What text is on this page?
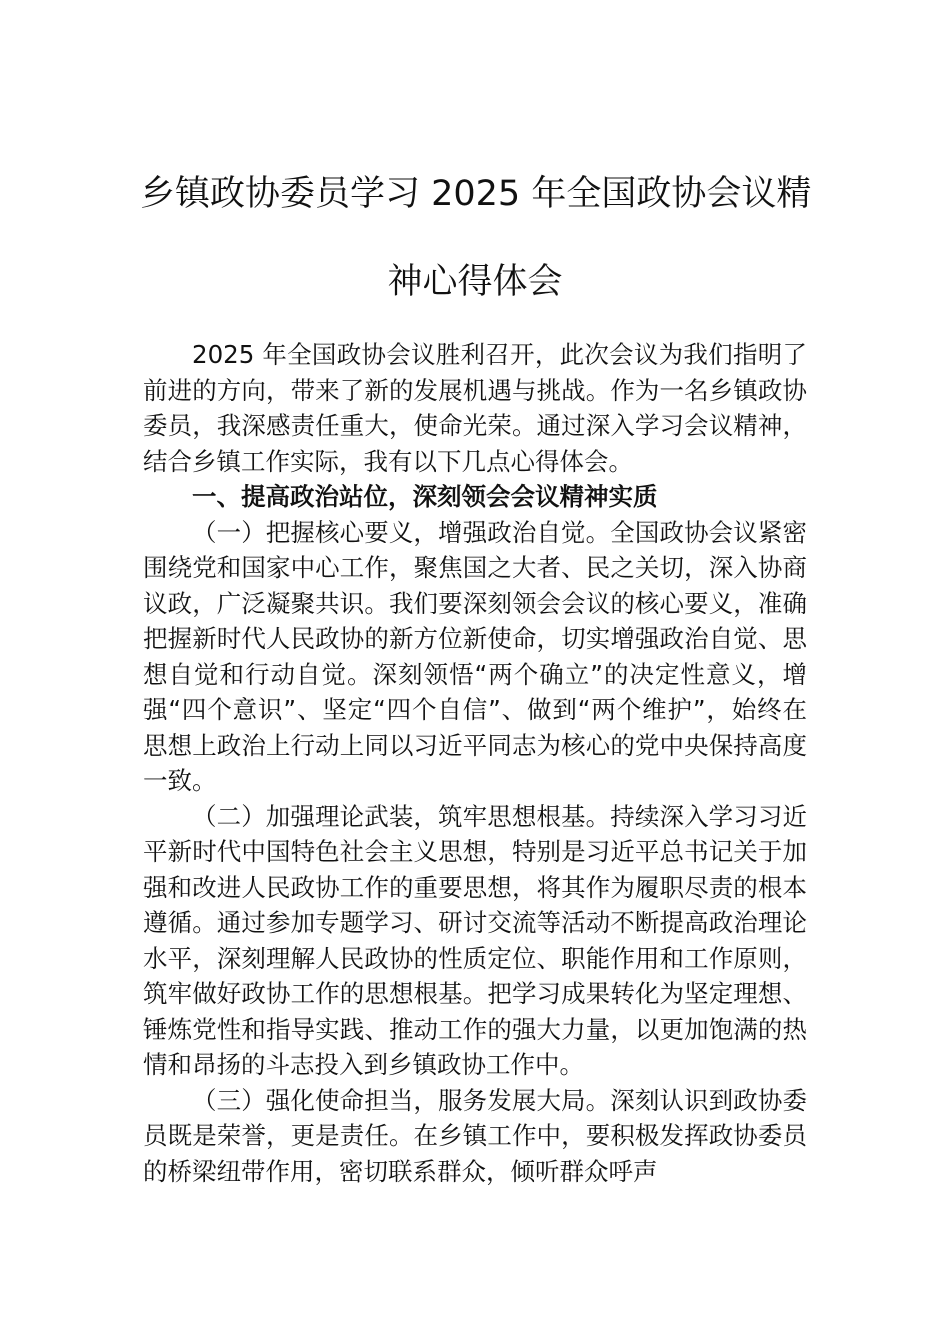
乡镇政协委员学习 2025 年全国政协会议精
神心得体会

2025 年全国政协会议胜利召开，此次会议为我们指明了前进的方向，带来了新的发展机遇与挑战。作为一名乡镇政协委员，我深感责任重大，使命光荣。通过深入学习会议精神，结合乡镇工作实际，我有以下几点心得体会。

一、提高政治站位，深刻领会会议精神实质

（一）把握核心要义，增强政治自觉。全国政协会议紧密围绕党和国家中心工作，聚焦国之大者、民之关切，深入协商议政，广泛凝聚共识。我们要深刻领会会议的核心要义，准确把握新时代人民政协的新方位新使命，切实增强政治自觉、思想自觉和行动自觉。深刻领悟“两个确立”的决定性意义，增强“四个意识”、坚定“四个自信”、做到“两个维护”，始终在思想上政治上行动上同以习近平同志为核心的党中央保持高度一致。

（二）加强理论武装，筑牢思想根基。持续深入学习习近平新时代中国特色社会主义思想，特别是习近平总书记关于加强和改进人民政协工作的重要思想，将其作为履职尽责的根本遵循。通过参加专题学习、研讨交流等活动不断提高政治理论水平，深刻理解人民政协的性质定位、职能作用和工作原则，筑牢做好政协工作的思想根基。把学习成果转化为坚定理想、锤炼党性和指导实践、推动工作的强大力量，以更加饱满的热情和昂扬的斗志投入到乡镇政协工作中。

（三）强化使命担当，服务发展大局。深刻认识到政协委员既是荣誉，更是责任。在乡镇工作中，要积极发挥政协委员的桥梁纽带作用，密切联系群众，倾听群众呼声
